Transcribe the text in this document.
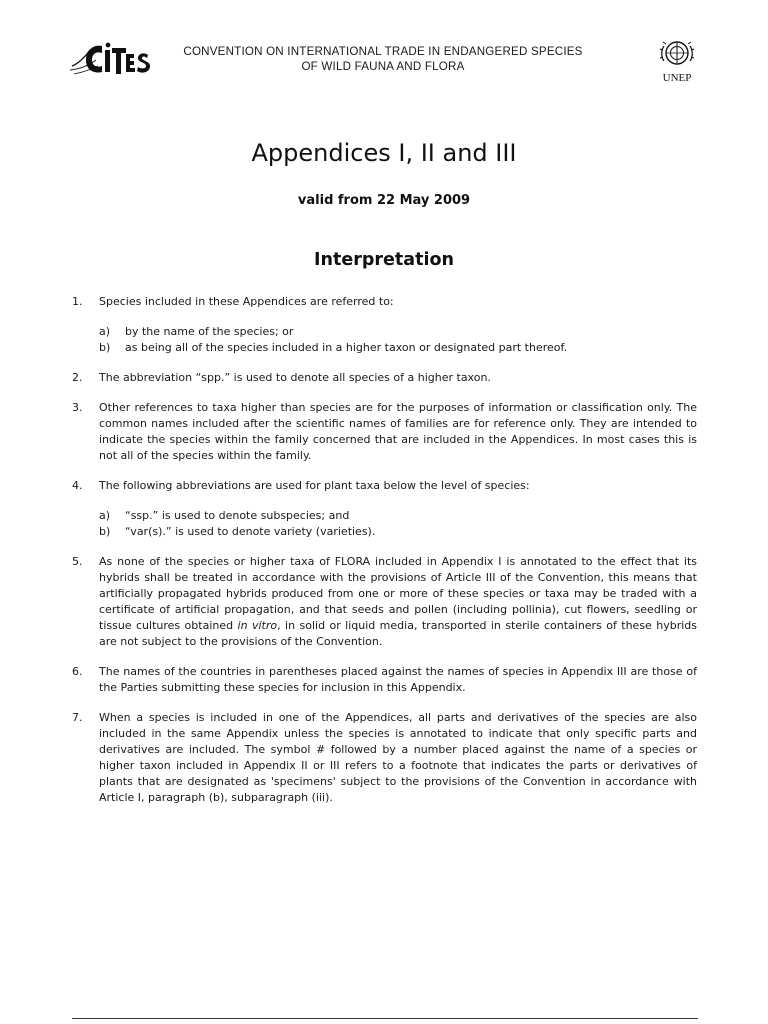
CONVENTION ON INTERNATIONAL TRADE IN ENDANGERED SPECIES
OF WILD FAUNA AND FLORA
UNEP
Appendices I, II and III
valid from 22 May 2009
Interpretation
1. Species included in these Appendices are referred to:
a) by the name of the species; or
b) as being all of the species included in a higher taxon or designated part thereof.
2. The abbreviation “spp.” is used to denote all species of a higher taxon.
3. Other references to taxa higher than species are for the purposes of information or classification only. The common names included after the scientific names of families are for reference only. They are intended to indicate the species within the family concerned that are included in the Appendices. In most cases this is not all of the species within the family.
4. The following abbreviations are used for plant taxa below the level of species:
a) “ssp.” is used to denote subspecies; and
b) “var(s).” is used to denote variety (varieties).
5. As none of the species or higher taxa of FLORA included in Appendix I is annotated to the effect that its hybrids shall be treated in accordance with the provisions of Article III of the Convention, this means that artificially propagated hybrids produced from one or more of these species or taxa may be traded with a certificate of artificial propagation, and that seeds and pollen (including pollinia), cut flowers, seedling or tissue cultures obtained in vitro, in solid or liquid media, transported in sterile containers of these hybrids are not subject to the provisions of the Convention.
6. The names of the countries in parentheses placed against the names of species in Appendix III are those of the Parties submitting these species for inclusion in this Appendix.
7. When a species is included in one of the Appendices, all parts and derivatives of the species are also included in the same Appendix unless the species is annotated to indicate that only specific parts and derivatives are included. The symbol # followed by a number placed against the name of a species or higher taxon included in Appendix II or III refers to a footnote that indicates the parts or derivatives of plants that are designated as 'specimens' subject to the provisions of the Convention in accordance with Article I, paragraph (b), subparagraph (iii).
